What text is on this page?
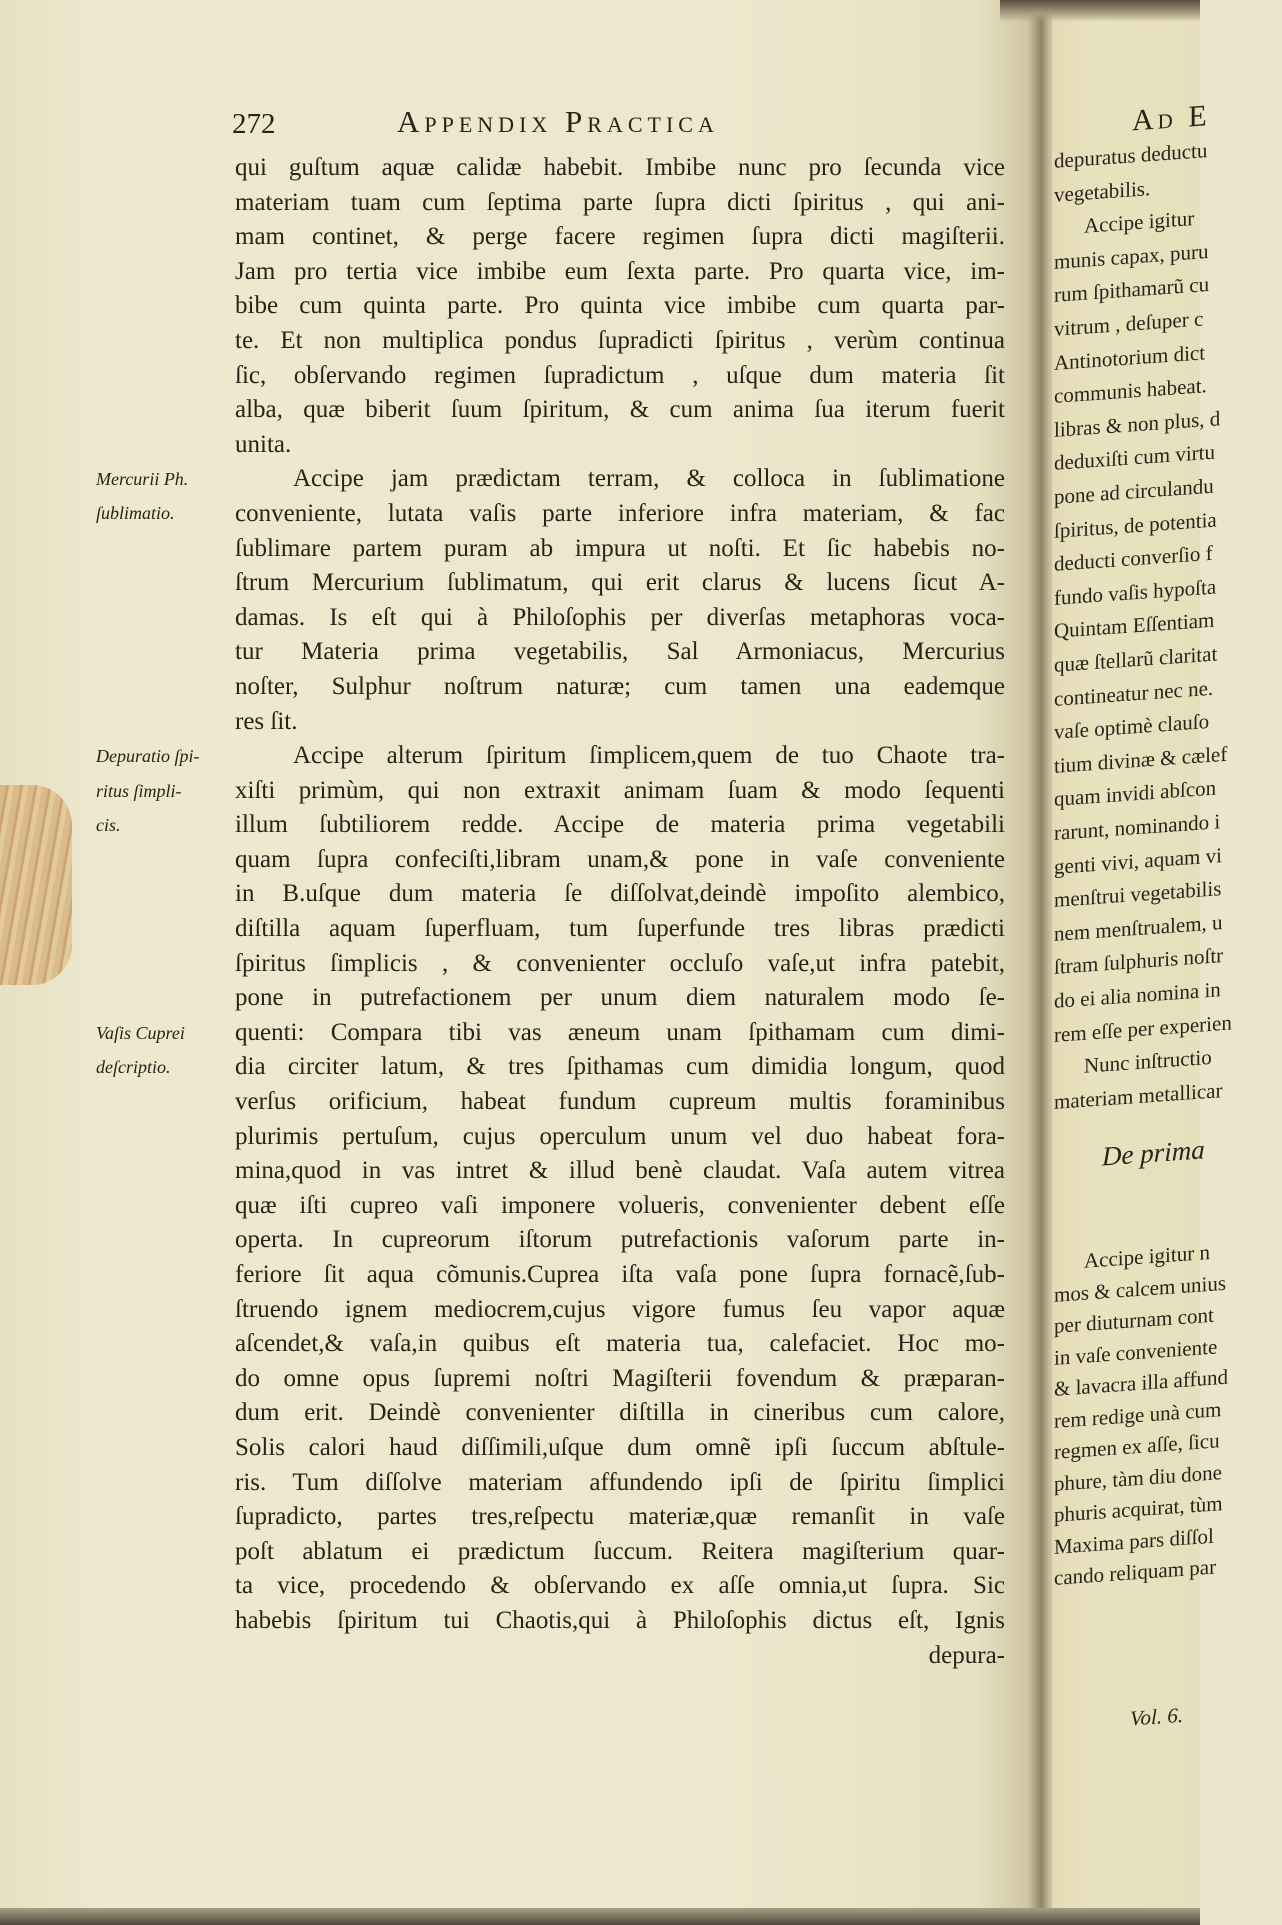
Ad E
depuratus deductu
vegetabilis.
Accipe igitur
munis capax, puru
rum ſpithamarũ cu
vitrum , deſuper c
Antinotorium dict
communis habeat.
libras & non plus, d
deduxiſti cum virtu
pone ad circulandu
ſpiritus, de potentia
deducti converſio f
fundo vaſis hypoſta
Quintam Eſſentiam
quæ ſtellarũ claritat
contineatur nec ne.
vaſe optimè clauſo
tium divinæ & cælef
quam invidi abſcon
rarunt, nominando i
genti vivi, aquam vi
menſtrui vegetabilis
nem menſtrualem, u
ſtram ſulphuris noſtr
do ei alia nomina in
rem eſſe per experien
Nunc inſtructio
materiam metallicar
De prima
Accipe igitur n
mos & calcem unius
per diuturnam cont
in vaſe conveniente
& lavacra illa affund
rem redige unà cum
regmen ex aſſe, ſicu
phure, tàm diu done
phuris acquirat, tùm
Maxima pars diſſol
cando reliquam par
Vol. 6.
272	Appendix Practica
qui guſtum aquæ calidæ habebit. Imbibe nunc pro ſecunda vice
materiam tuam cum ſeptima parte ſupra dicti ſpiritus , qui ani-
mam continet, & perge facere regimen ſupra dicti magiſterii.
Jam pro tertia vice imbibe eum ſexta parte. Pro quarta vice, im-
bibe cum quinta parte. Pro quinta vice imbibe cum quarta par-
te. Et non multiplica pondus ſupradicti ſpiritus , verùm continua
ſic, obſervando regimen ſupradictum , uſque dum materia ſit
alba, quæ biberit ſuum ſpiritum, & cum anima ſua iterum fuerit
unita.
Accipe jam prædictam terram, & colloca in ſublimatione
conveniente, lutata vaſis parte inferiore infra materiam, & fac
ſublimare partem puram ab impura ut noſti. Et ſic habebis no-
ſtrum Mercurium ſublimatum, qui erit clarus & lucens ſicut A-
damas. Is eſt qui à Philoſophis per diverſas metaphoras voca-
tur Materia prima vegetabilis, Sal Armoniacus, Mercurius
noſter, Sulphur noſtrum naturæ; cum tamen una eademque
res ſit.
Accipe alterum ſpiritum ſimplicem,quem de tuo Chaote tra-
xiſti primùm, qui non extraxit animam ſuam & modo ſequenti
illum ſubtiliorem redde. Accipe de materia prima vegetabili
quam ſupra confeciſti,libram unam,& pone in vaſe conveniente
in B.uſque dum materia ſe diſſolvat,deindè impoſito alembico,
diſtilla aquam ſuperfluam, tum ſuperfunde tres libras prædicti
ſpiritus ſimplicis , & convenienter occluſo vaſe,ut infra patebit,
pone in putrefactionem per unum diem naturalem modo ſe-
quenti: Compara tibi vas æneum unam ſpithamam cum dimi-
dia circiter latum, & tres ſpithamas cum dimidia longum, quod
verſus orificium, habeat fundum cupreum multis foraminibus
plurimis pertuſum, cujus operculum unum vel duo habeat fora-
mina,quod in vas intret & illud benè claudat. Vaſa autem vitrea
quæ iſti cupreo vaſi imponere volueris, convenienter debent eſſe
operta. In cupreorum iſtorum putrefactionis vaſorum parte in-
feriore ſit aqua cõmunis.Cuprea iſta vaſa pone ſupra fornacẽ,ſub-
ſtruendo ignem mediocrem,cujus vigore fumus ſeu vapor aquæ
aſcendet,& vaſa,in quibus eſt materia tua, calefaciet. Hoc mo-
do omne opus ſupremi noſtri Magiſterii fovendum & præparan-
dum erit. Deindè convenienter diſtilla in cineribus cum calore,
Solis calori haud diſſimili,uſque dum omnẽ ipſi ſuccum abſtule-
ris. Tum diſſolve materiam affundendo ipſi de ſpiritu ſimplici
ſupradicto, partes tres,reſpectu materiæ,quæ remanſit in vaſe
poſt ablatum ei prædictum ſuccum. Reitera magiſterium quar-
ta vice, procedendo & obſervando ex aſſe omnia,ut ſupra. Sic
habebis ſpiritum tui Chaotis,qui à Philoſophis dictus eſt, Ignis
depura-
Mercurii Ph.
ſublimatio.
Depuratio ſpi-
ritus ſimpli-
cis.
Vaſis Cuprei
deſcriptio.
